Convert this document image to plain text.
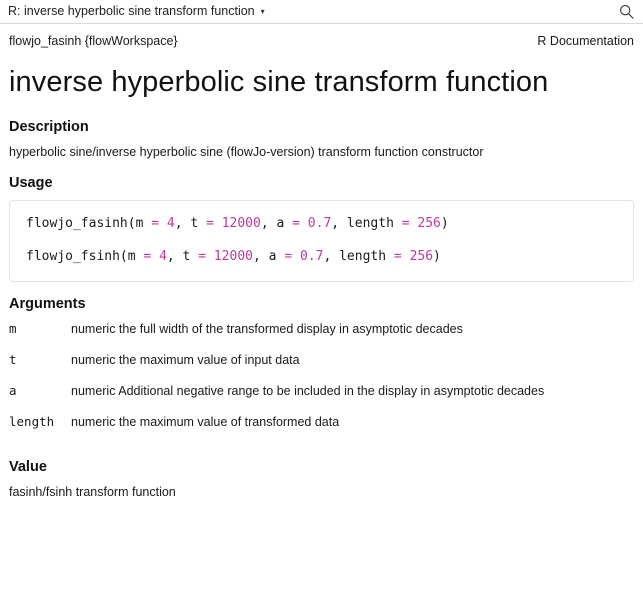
R: inverse hyperbolic sine transform function ▾
flowjo_fasinh {flowWorkspace}	R Documentation
inverse hyperbolic sine transform function
Description

hyperbolic sine/inverse hyperbolic sine (flowJo-version) transform function constructor

Usage
flowjo_fasinh(m = 4, t = 12000, a = 0.7, length = 256)
flowjo_fsinh(m = 4, t = 12000, a = 0.7, length = 256)
Arguments
m	numeric the full width of the transformed display in asymptotic decades
t	numeric the maximum value of input data
a	numeric Additional negative range to be included in the display in asymptotic decades
length	numeric the maximum value of transformed data
Value

fasinh/fsinh transform function
